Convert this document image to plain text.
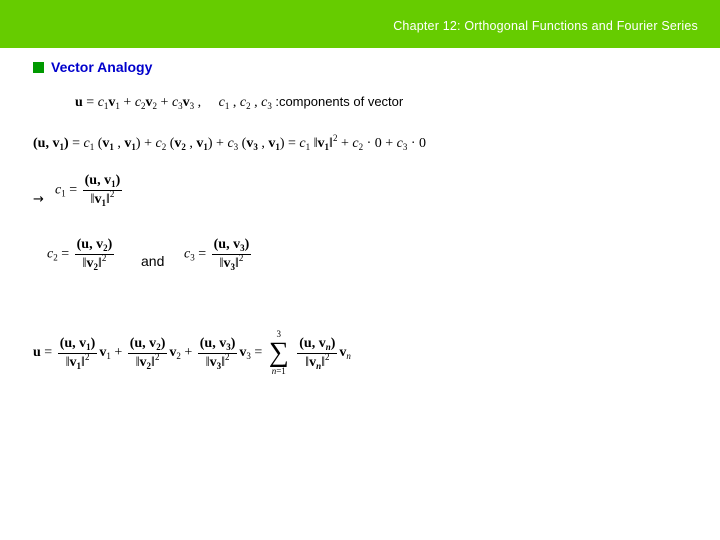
Chapter 12: Orthogonal Functions and Fourier Series
Vector Analogy
$u = c_1v_1 + c_2v_2 + c_3v_3$ ,     $c_1$ , $c_2$ , $c_3$ :components of vector
(u, $v_1) = c_1$ ($v_1$ , $v_1) + c_2$ ($v_2$ , $v_1) + c_3$ ($v_3$ , $v_1) = c_1$ $‖v_1‖^2 + c_2 \cdot 0 + c_3 \cdot 0$
→
$c_1 = \frac{(u, v_1)}{‖v_1‖^2}$
$c_2 = \frac{(u, v_2)}{‖v_2‖^2}$ and $c_3 = \frac{(u, v_3)}{‖v_3‖^2}$
$u = \frac{(u, v_1)}{‖v_1‖^2} v_1 + \frac{(u, v_2)}{‖v_2‖^2} v_2 + \frac{(u, v_3)}{‖v_3‖^2} v_3$ =
3
∑
n=1

$\frac{(u, v_n)}{‖v_n‖^2} v_n$
